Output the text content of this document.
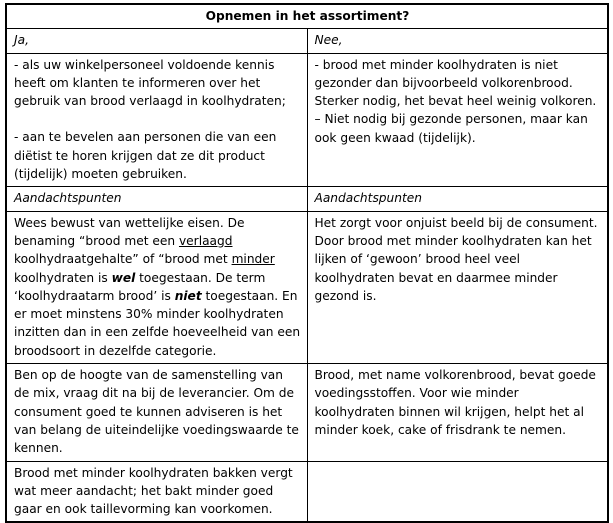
Opnemen in het assortiment?	
Ja,	Nee,

- als uw winkelpersoneel voldoende kennis heeft om klanten te informeren over het gebruik van brood verlaagd in koolhydraten;

- aan te bevelen aan personen die van een diëtist te horen krijgen dat ze dit product (tijdelijk) moeten gebruiken.	- brood met minder koolhydraten is niet gezonder dan bijvoorbeeld volkorenbrood. Sterker nodig, het bevat heel weinig volkoren. – Niet nodig bij gezonde personen, maar kan ook geen kwaad (tijdelijk).

Aandachtspunten	Aandachtspunten

Wees bewust van wettelijke eisen. De benaming “brood met een verlaagd koolhydraatgehalte” of “brood met minder koolhydraten is wel toegestaan. De term ‘koolhydraatarm brood’ is niet toegestaan. En er moet minstens 30% minder koolhydraten inzitten dan in een zelfde hoeveelheid van een broodsoort in dezelfde categorie.	Het zorgt voor onjuist beeld bij de consument. Door brood met minder koolhydraten kan het lijken of ‘gewoon’ brood heel veel koolhydraten bevat en daarmee minder gezond is.

Ben op de hoogte van de samenstelling van de mix, vraag dit na bij de leverancier. Om de consument goed te kunnen adviseren is het van belang de uiteindelijke voedingswaarde te kennen.	Brood, met name volkorenbrood, bevat goede voedingsstoffen. Voor wie minder koolhydraten binnen wil krijgen, helpt het al minder koek, cake of frisdrank te nemen.

Brood met minder koolhydraten bakken vergt wat meer aandacht; het bakt minder goed gaar en ook taillevorming kan voorkomen.	
